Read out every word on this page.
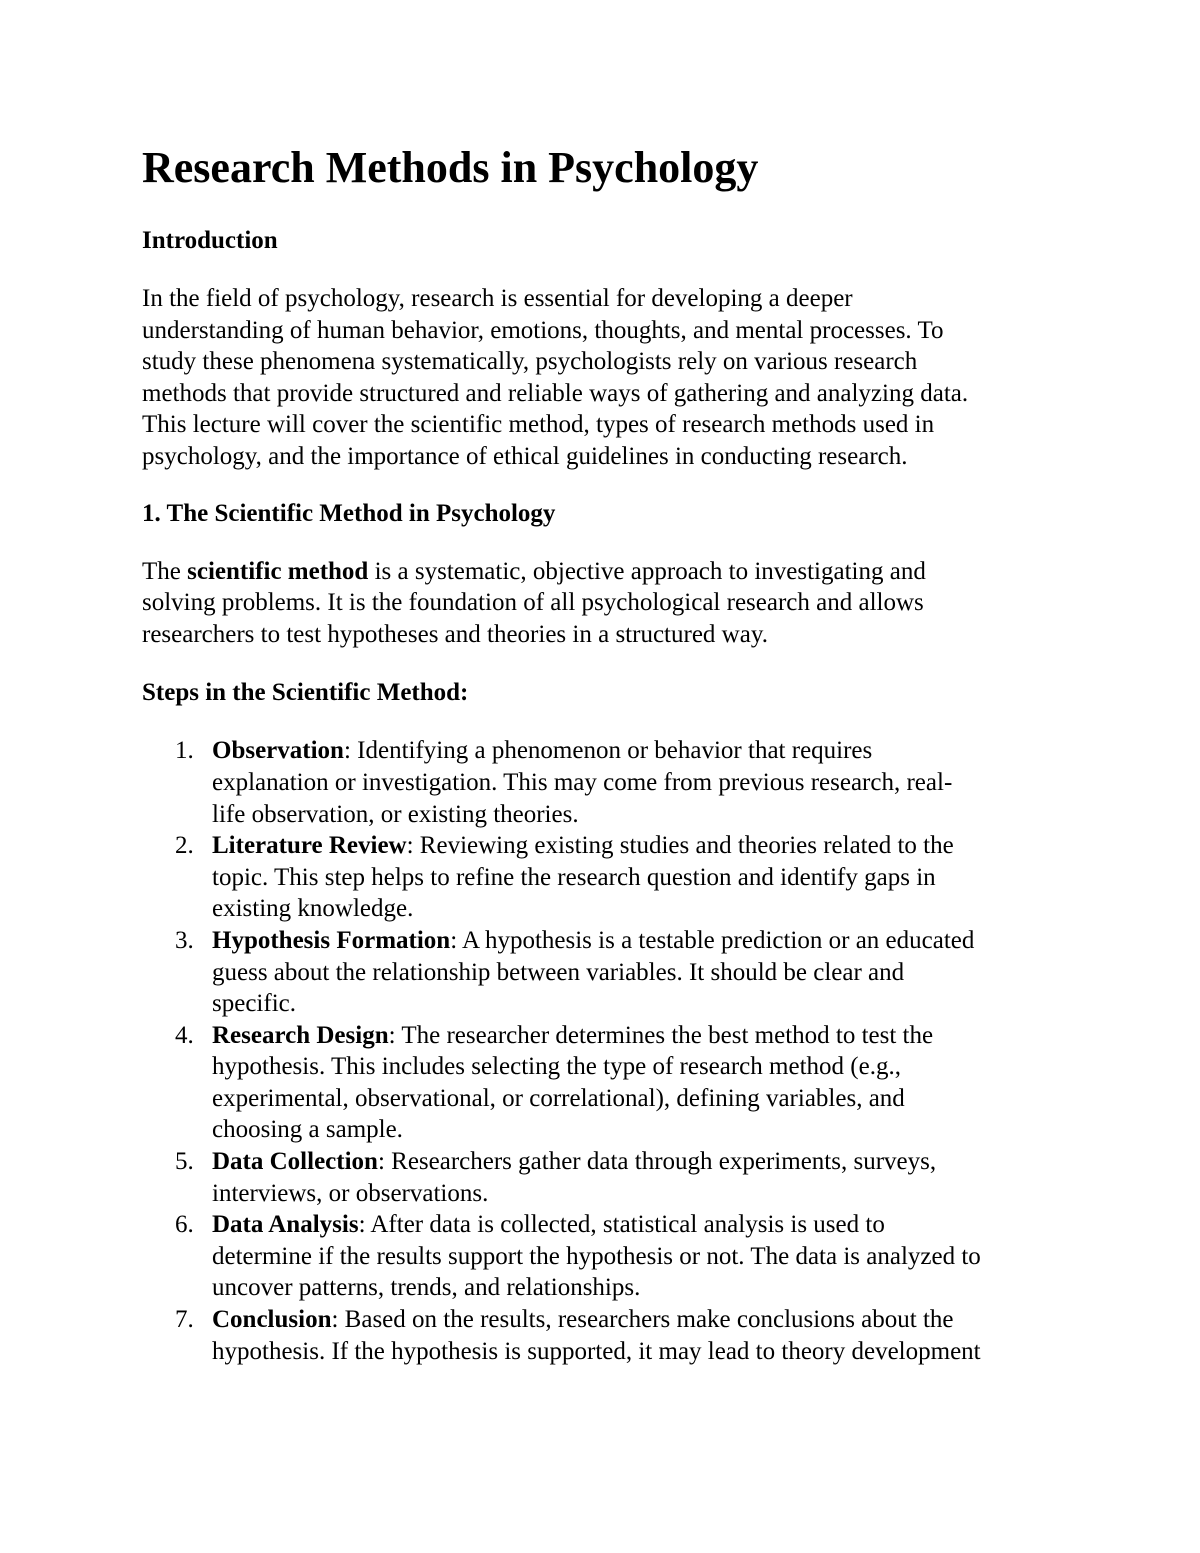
Research Methods in Psychology
Introduction

In the field of psychology, research is essential for developing a deeper
understanding of human behavior, emotions, thoughts, and mental processes. To
study these phenomena systematically, psychologists rely on various research
methods that provide structured and reliable ways of gathering and analyzing data.
This lecture will cover the scientific method, types of research methods used in
psychology, and the importance of ethical guidelines in conducting research.

1. The Scientific Method in Psychology

The scientific method is a systematic, objective approach to investigating and
solving problems. It is the foundation of all psychological research and allows
researchers to test hypotheses and theories in a structured way.

Steps in the Scientific Method:
1. Observation: Identifying a phenomenon or behavior that requires
explanation or investigation. This may come from previous research, real-
life observation, or existing theories.
2. Literature Review: Reviewing existing studies and theories related to the
topic. This step helps to refine the research question and identify gaps in
existing knowledge.
3. Hypothesis Formation: A hypothesis is a testable prediction or an educated
guess about the relationship between variables. It should be clear and
specific.
4. Research Design: The researcher determines the best method to test the
hypothesis. This includes selecting the type of research method (e.g.,
experimental, observational, or correlational), defining variables, and
choosing a sample.
5. Data Collection: Researchers gather data through experiments, surveys,
interviews, or observations.
6. Data Analysis: After data is collected, statistical analysis is used to
determine if the results support the hypothesis or not. The data is analyzed to
uncover patterns, trends, and relationships.
7. Conclusion: Based on the results, researchers make conclusions about the
hypothesis. If the hypothesis is supported, it may lead to theory development
